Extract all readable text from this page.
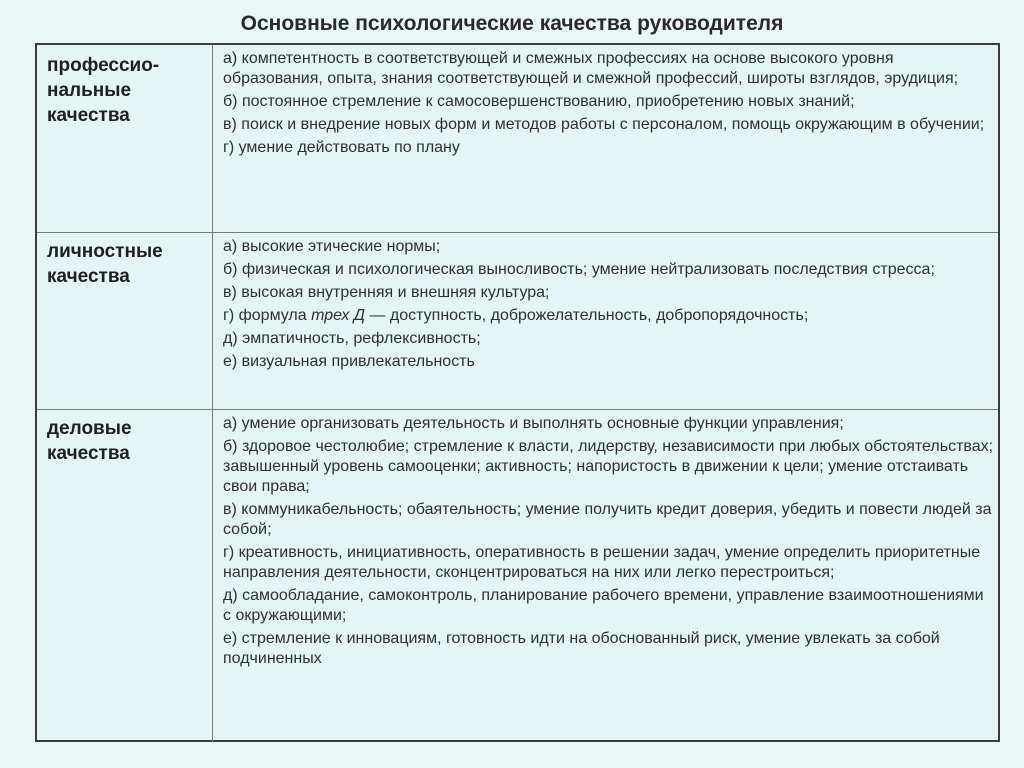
Основные психологические качества руководителя
профессио-
нальные
качества
а) компетентность в соответствующей и смежных профессиях на основе высокого уровня образования, опыта, знания соответствующей и смежной профессий, широты взглядов, эрудиция;
б) постоянное стремление к самосовершенствованию, приобретению новых знаний;
в) поиск и внедрение новых форм и методов работы с персоналом, помощь окружающим в обучении;
г) умение действовать по плану
личностные
качества
а) высокие этические нормы;
б) физическая и психологическая выносливость; умение нейтрализовать последствия стресса;
в) высокая внутренняя и внешняя культура;
г) формула трех Д — доступность, доброжелательность, добропорядочность;
д) эмпатичность, рефлексивность;
е) визуальная привлекательность
деловые
качества
а) умение организовать деятельность и выполнять основные функции управления;
б) здоровое честолюбие; стремление к власти, лидерству, независимости при любых обстоятельствах; завышенный уровень самооценки; активность; напористость в движении к цели; умение отстаивать свои права;
в) коммуникабельность; обаятельность; умение получить кредит доверия, убедить и повести людей за собой;
г) креативность, инициативность, оперативность в решении задач, умение определить приоритетные направления деятельности, сконцентрироваться на них или легко перестроиться;
д) самообладание, самоконтроль, планирование рабочего времени, управление взаимоотношениями с окружающими;
е) стремление к инновациям, готовность идти на обоснованный риск, умение увлекать за собой подчиненных
